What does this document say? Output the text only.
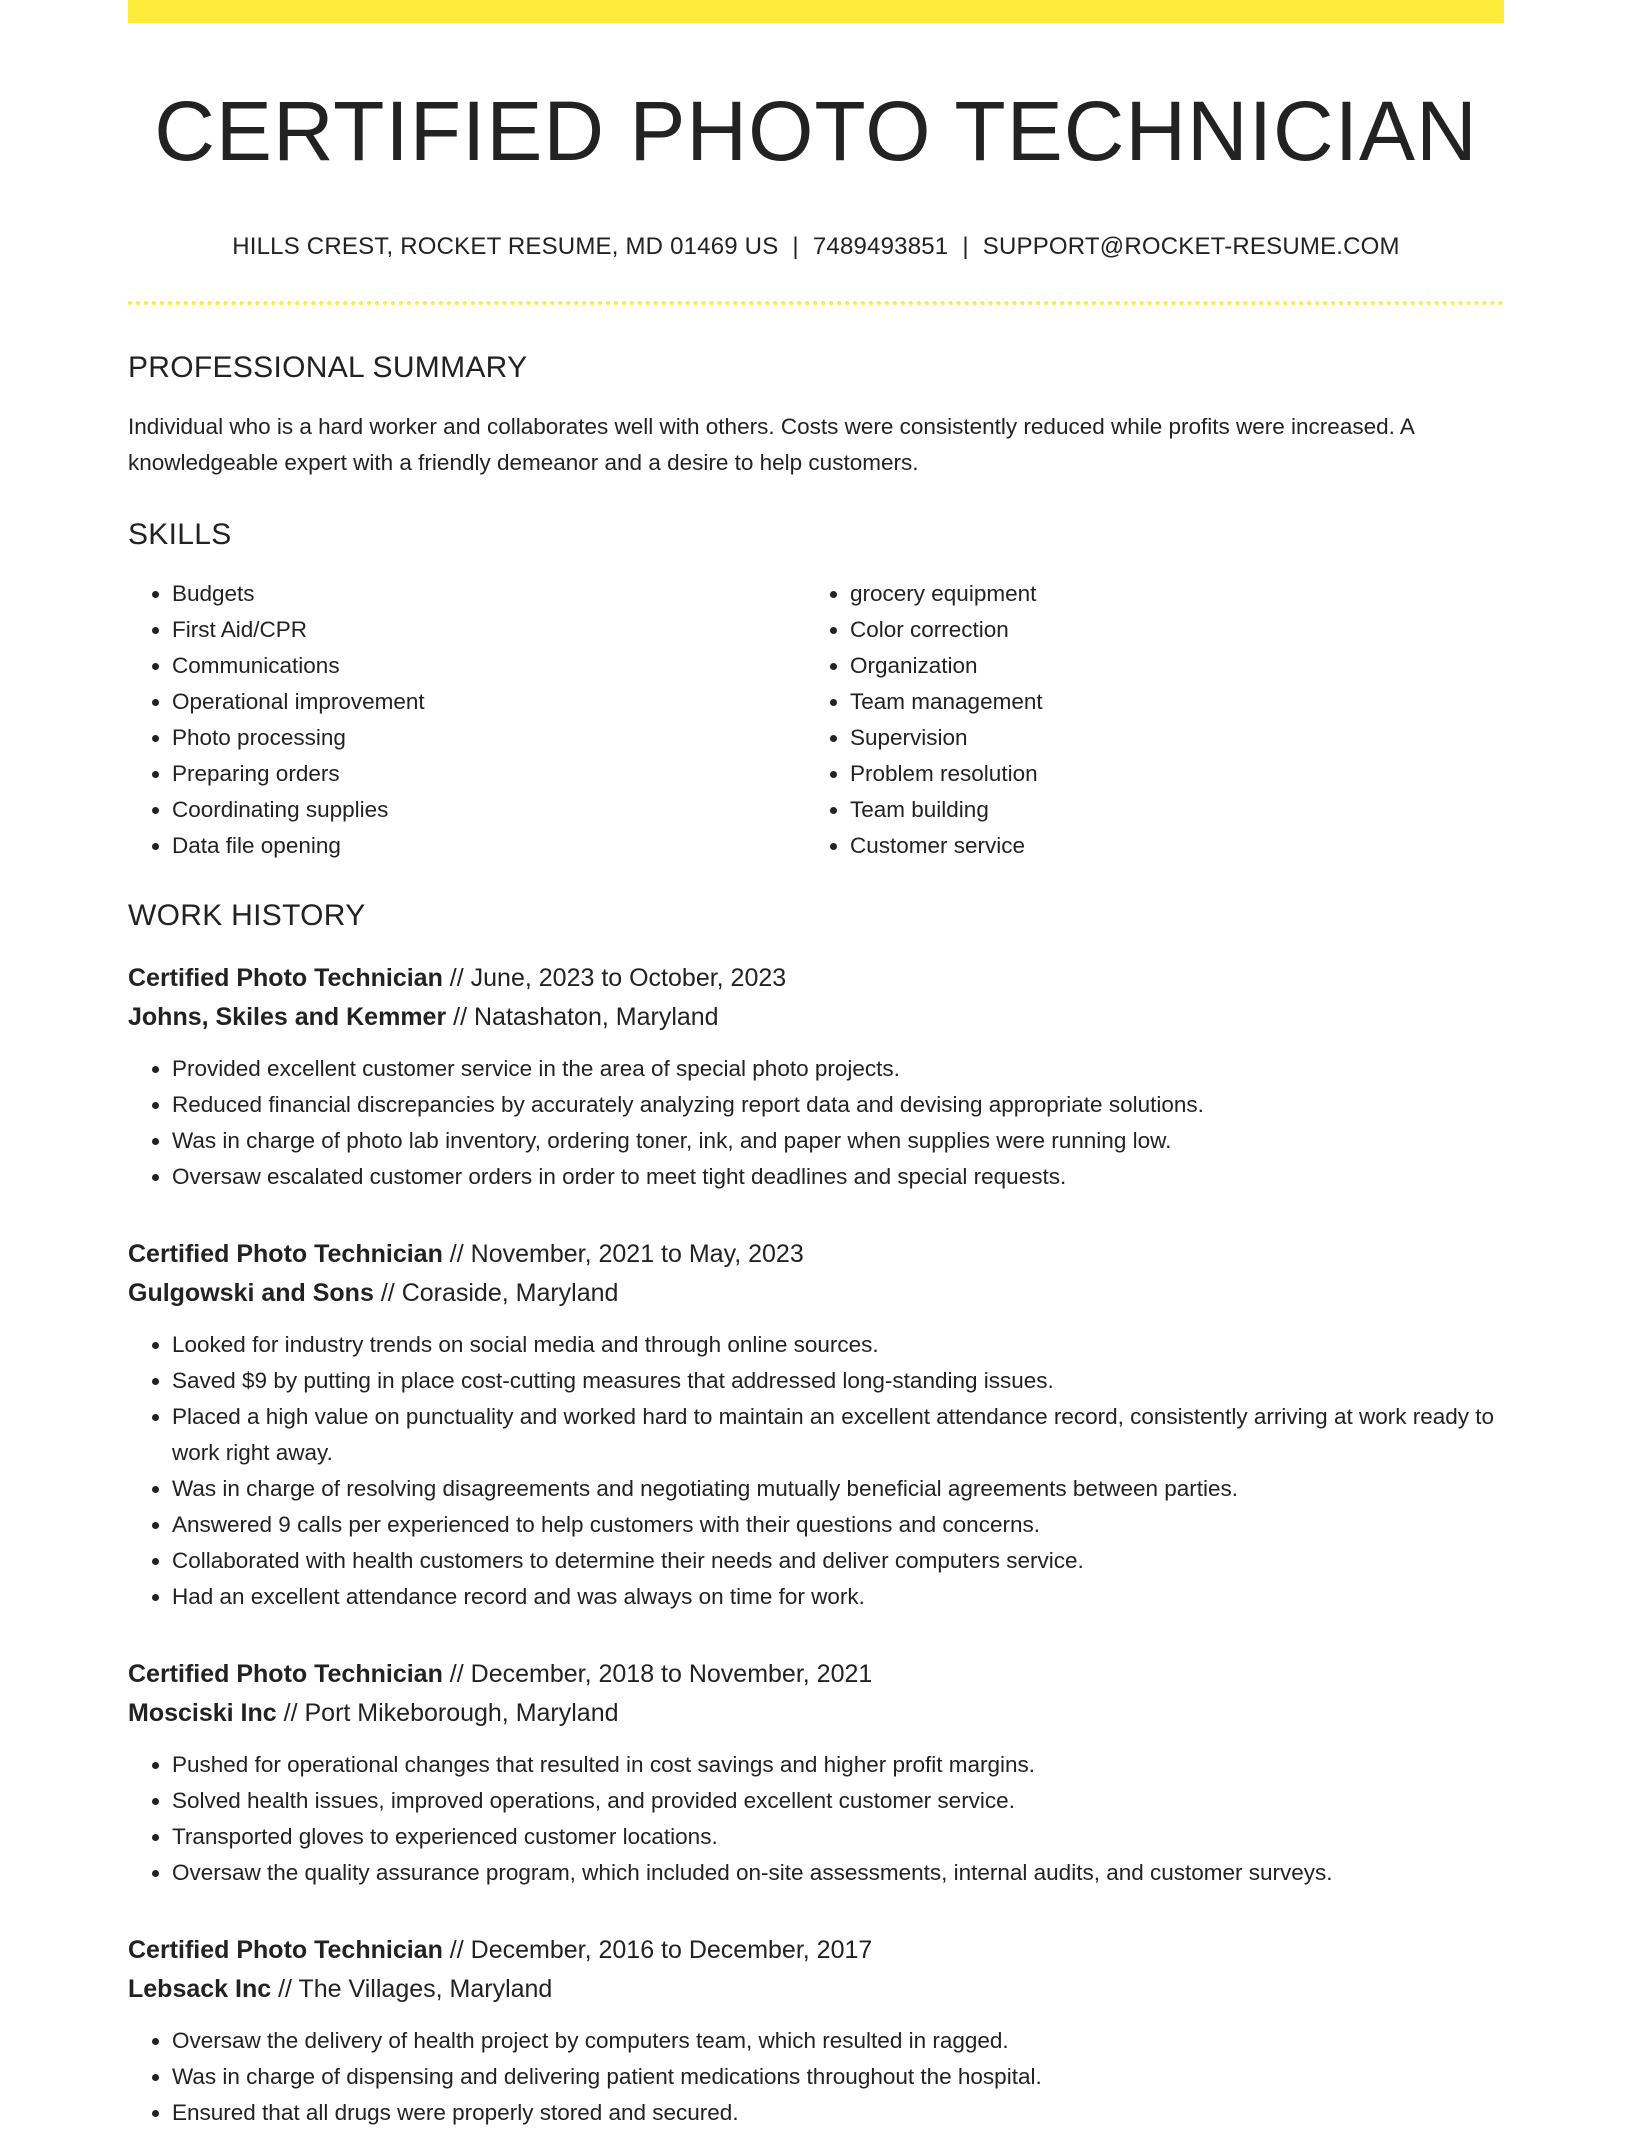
CERTIFIED PHOTO TECHNICIAN
HILLS CREST, ROCKET RESUME, MD 01469 US | 7489493851 | SUPPORT@ROCKET-RESUME.COM
PROFESSIONAL SUMMARY
Individual who is a hard worker and collaborates well with others. Costs were consistently reduced while profits were increased. A knowledgeable expert with a friendly demeanor and a desire to help customers.
SKILLS
• Budgets
• First Aid/CPR
• Communications
• Operational improvement
• Photo processing
• Preparing orders
• Coordinating supplies
• Data file opening
• grocery equipment
• Color correction
• Organization
• Team management
• Supervision
• Problem resolution
• Team building
• Customer service
WORK HISTORY
Certified Photo Technician // June, 2023 to October, 2023
Johns, Skiles and Kemmer // Natashaton, Maryland
• Provided excellent customer service in the area of special photo projects.
• Reduced financial discrepancies by accurately analyzing report data and devising appropriate solutions.
• Was in charge of photo lab inventory, ordering toner, ink, and paper when supplies were running low.
• Oversaw escalated customer orders in order to meet tight deadlines and special requests.
Certified Photo Technician // November, 2021 to May, 2023
Gulgowski and Sons // Coraside, Maryland
• Looked for industry trends on social media and through online sources.
• Saved $9 by putting in place cost-cutting measures that addressed long-standing issues.
• Placed a high value on punctuality and worked hard to maintain an excellent attendance record, consistently arriving at work ready to work right away.
• Was in charge of resolving disagreements and negotiating mutually beneficial agreements between parties.
• Answered 9 calls per experienced to help customers with their questions and concerns.
• Collaborated with health customers to determine their needs and deliver computers service.
• Had an excellent attendance record and was always on time for work.
Certified Photo Technician // December, 2018 to November, 2021
Mosciski Inc // Port Mikeborough, Maryland
• Pushed for operational changes that resulted in cost savings and higher profit margins.
• Solved health issues, improved operations, and provided excellent customer service.
• Transported gloves to experienced customer locations.
• Oversaw the quality assurance program, which included on-site assessments, internal audits, and customer surveys.
Certified Photo Technician // December, 2016 to December, 2017
Lebsack Inc // The Villages, Maryland
• Oversaw the delivery of health project by computers team, which resulted in ragged.
• Was in charge of dispensing and delivering patient medications throughout the hospital.
• Ensured that all drugs were properly stored and secured.
